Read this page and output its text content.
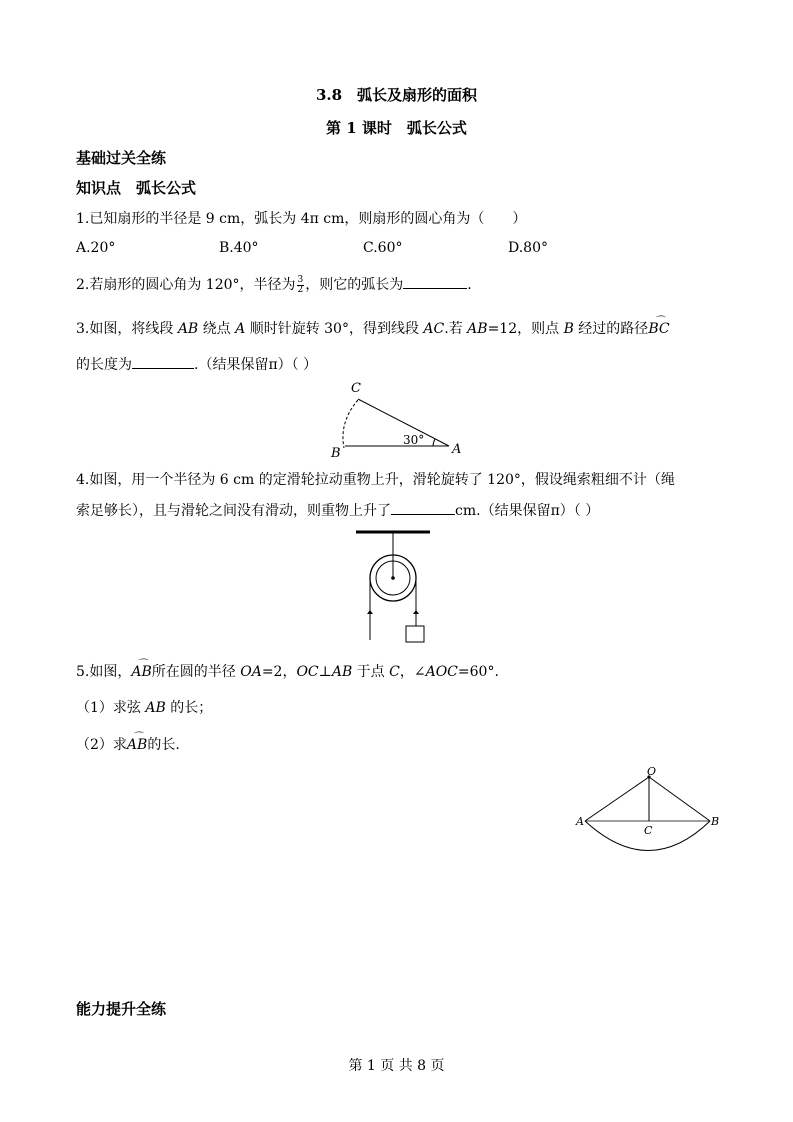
3.8　弧长及扇形的面积
第 1 课时　弧长公式
基础过关全练
知识点　弧长公式
1.已知扇形的半径是 9 cm，弧长为 4π cm，则扇形的圆心角为（　　）
A.20°	B.40°	C.60°	D.80°
2.若扇形的圆心角为 120°，半径为 $\frac{3}{2}$ ，则它的弧长为	.
3.如图，将线段 AB 绕点 A 顺时针旋转 30°，得到线段 AC.若 AB=12，则点 B 经过的路径⌒ BC
的长度为	.（结果保留π）（ ）
C
B	A
30°
4.如图，用一个半径为 6 cm 的定滑轮拉动重物上升，滑轮旋转了 120°，假设绳索粗细不计（绳
索足够长），且与滑轮之间没有滑动，则重物上升了	cm.（结果保留π）（ ）
5.如图，⌒ AB所在圆的半径 OA=2，OC⊥AB 于点 C，∠AOC=60°.
（1）求弦 AB 的长；
（2）求⌒ AB的长.
O
A	B
C
能力提升全练
第 1 页 共 8 页
